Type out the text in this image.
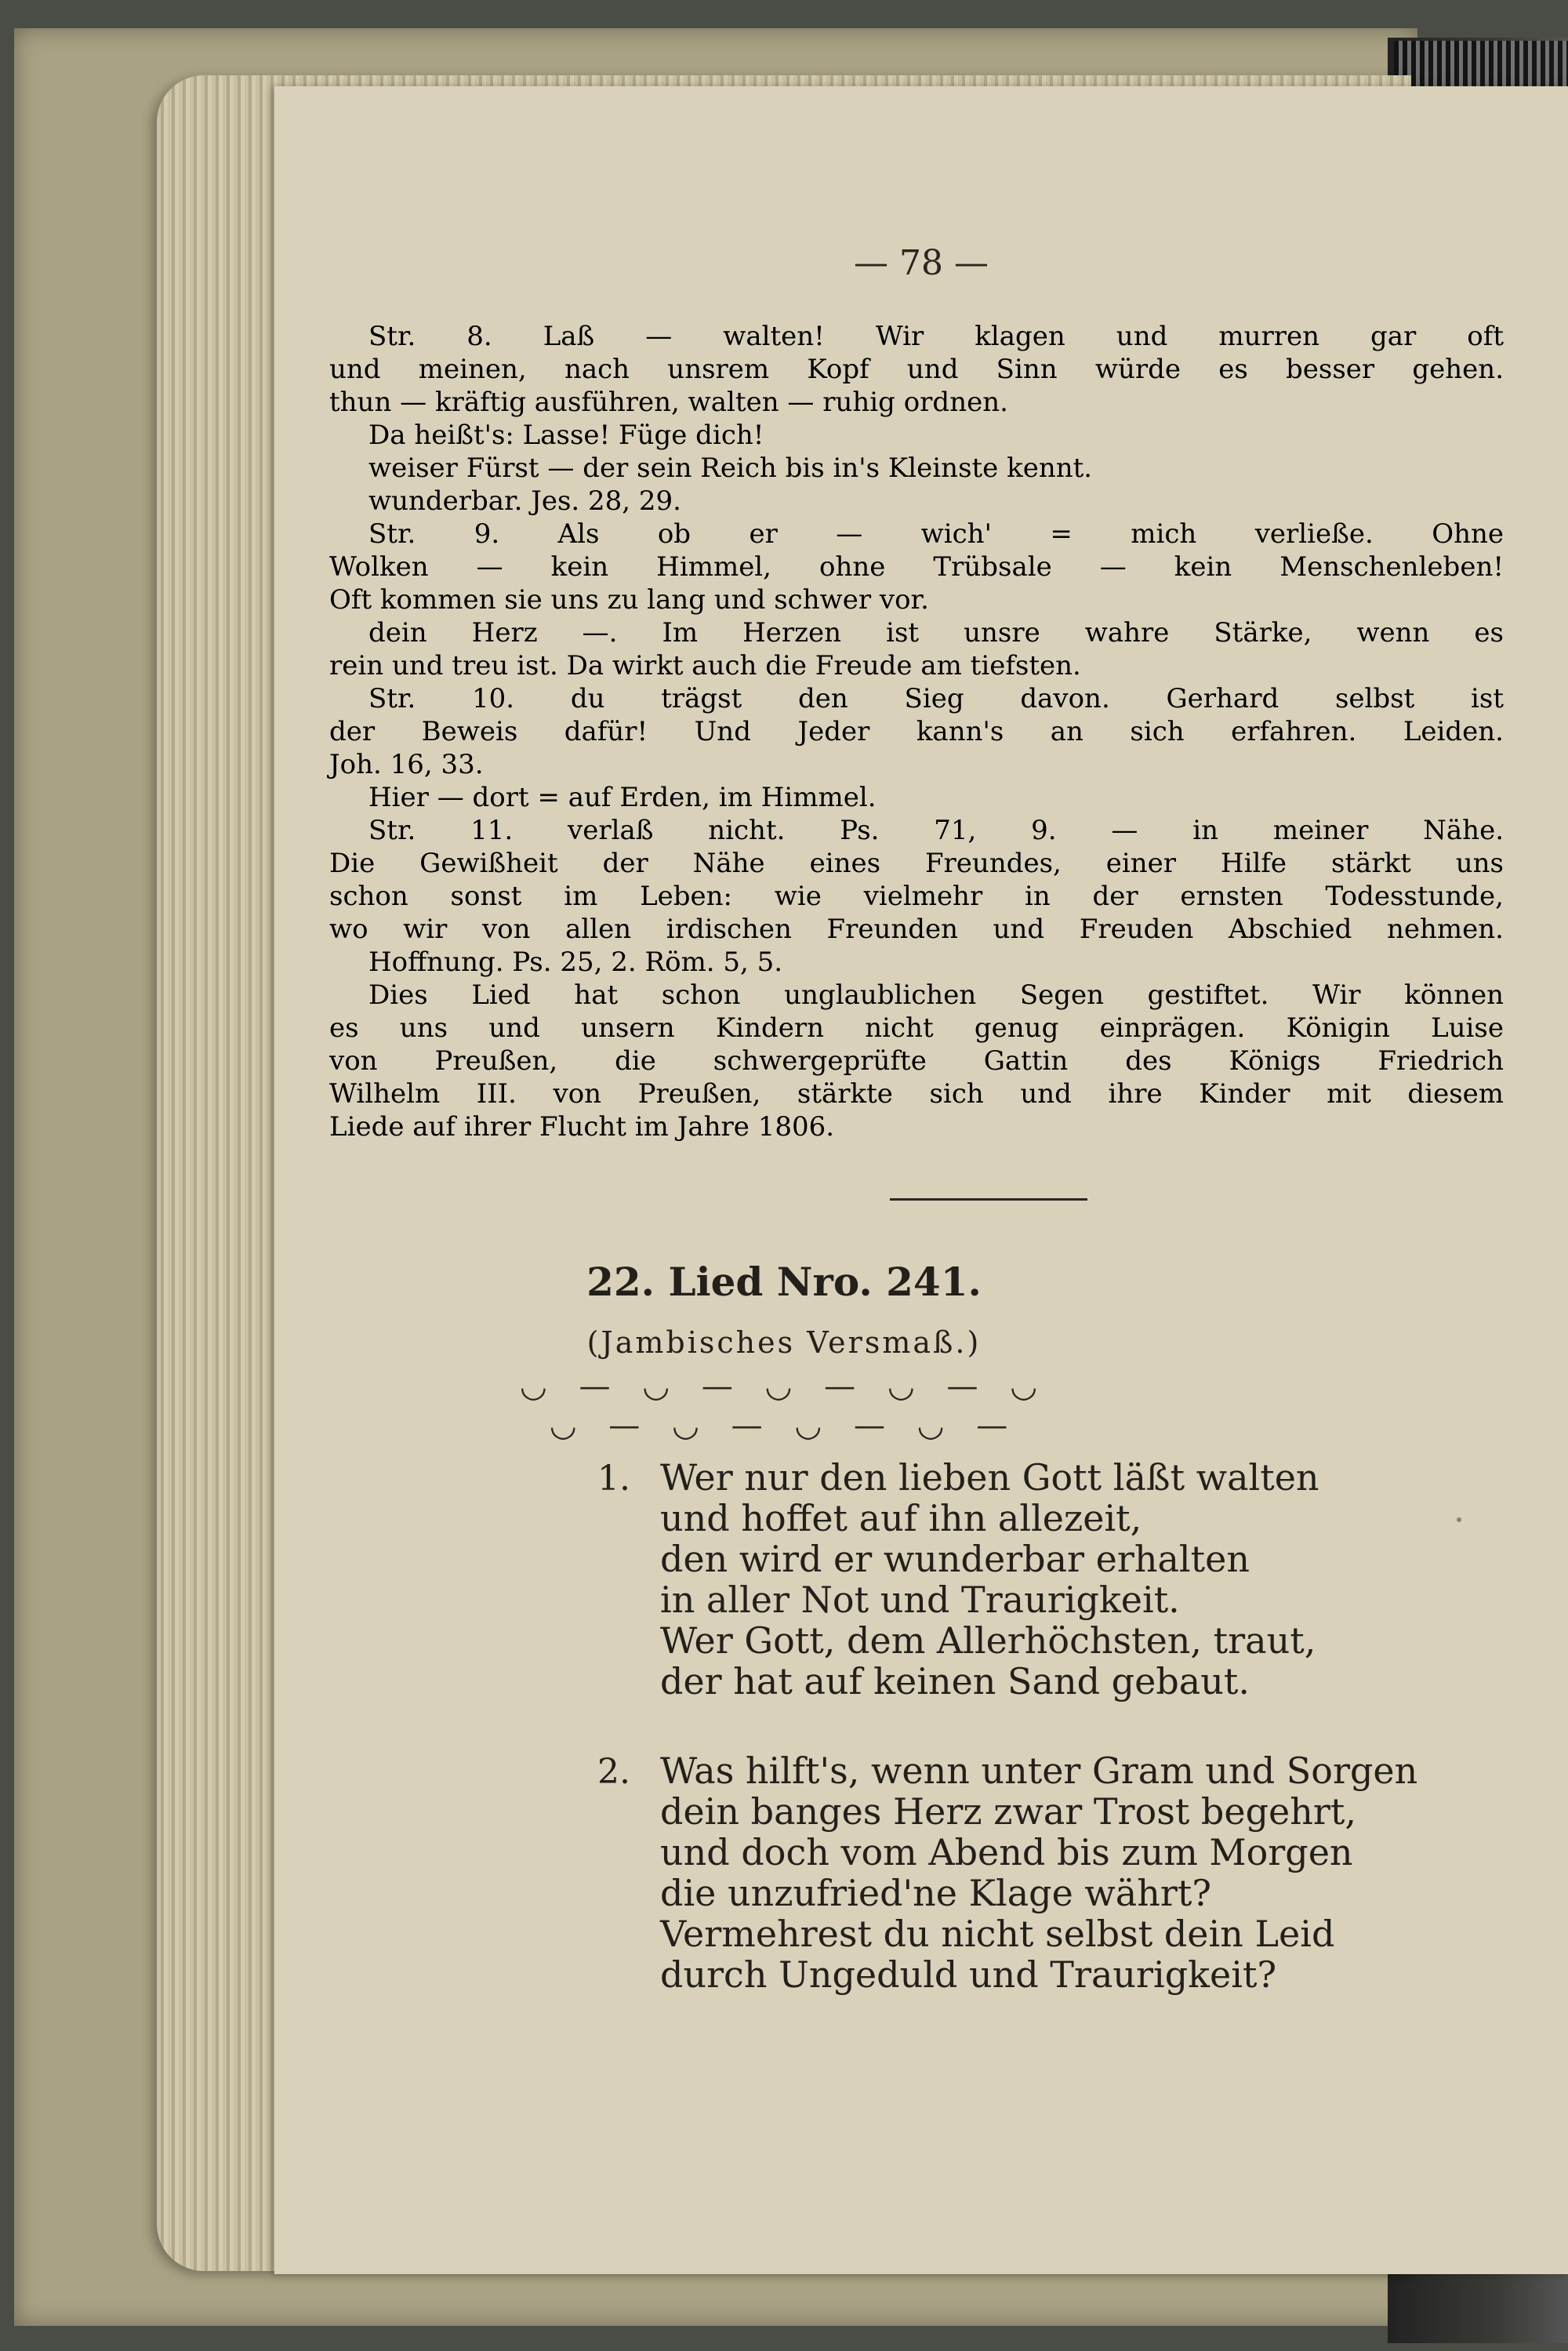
— 78 —
Str. 8. Laß — walten! Wir klagen und murren gar oft
und meinen, nach unsrem Kopf und Sinn würde es besser gehen.
thun — kräftig ausführen, walten — ruhig ordnen.
Da heißt's: Lasse! Füge dich!
weiser Fürst — der sein Reich bis in's Kleinste kennt.
wunderbar. Jes. 28, 29.
Str. 9. Als ob er — wich' = mich verließe. Ohne
Wolken — kein Himmel, ohne Trübsale — kein Menschenleben!
Oft kommen sie uns zu lang und schwer vor.
dein Herz —. Im Herzen ist unsre wahre Stärke, wenn es
rein und treu ist. Da wirkt auch die Freude am tiefsten.
Str. 10. du trägst den Sieg davon. Gerhard selbst ist
der Beweis dafür! Und Jeder kann's an sich erfahren. Leiden.
Joh. 16, 33.
Hier — dort = auf Erden, im Himmel.
Str. 11. verlaß nicht. Ps. 71, 9. — in meiner Nähe.
Die Gewißheit der Nähe eines Freundes, einer Hilfe stärkt uns
schon sonst im Leben: wie vielmehr in der ernsten Todesstunde,
wo wir von allen irdischen Freunden und Freuden Abschied nehmen.
Hoffnung. Ps. 25, 2. Röm. 5, 5.
Dies Lied hat schon unglaublichen Segen gestiftet. Wir können
es uns und unsern Kindern nicht genug einprägen. Königin Luise
von Preußen, die schwergeprüfte Gattin des Königs Friedrich
Wilhelm III. von Preußen, stärkte sich und ihre Kinder mit diesem
Liede auf ihrer Flucht im Jahre 1806.
22. Lied Nro. 241.
(Jambisches Versmaß.)
◡ — ◡ — ◡ — ◡ — ◡
◡ — ◡ — ◡ — ◡ —
1. Wer nur den lieben Gott läßt walten
und hoffet auf ihn allezeit,
den wird er wunderbar erhalten
in aller Not und Traurigkeit.
Wer Gott, dem Allerhöchsten, traut,
der hat auf keinen Sand gebaut.
2. Was hilft's, wenn unter Gram und Sorgen
dein banges Herz zwar Trost begehrt,
und doch vom Abend bis zum Morgen
die unzufried'ne Klage währt?
Vermehrest du nicht selbst dein Leid
durch Ungeduld und Traurigkeit?
